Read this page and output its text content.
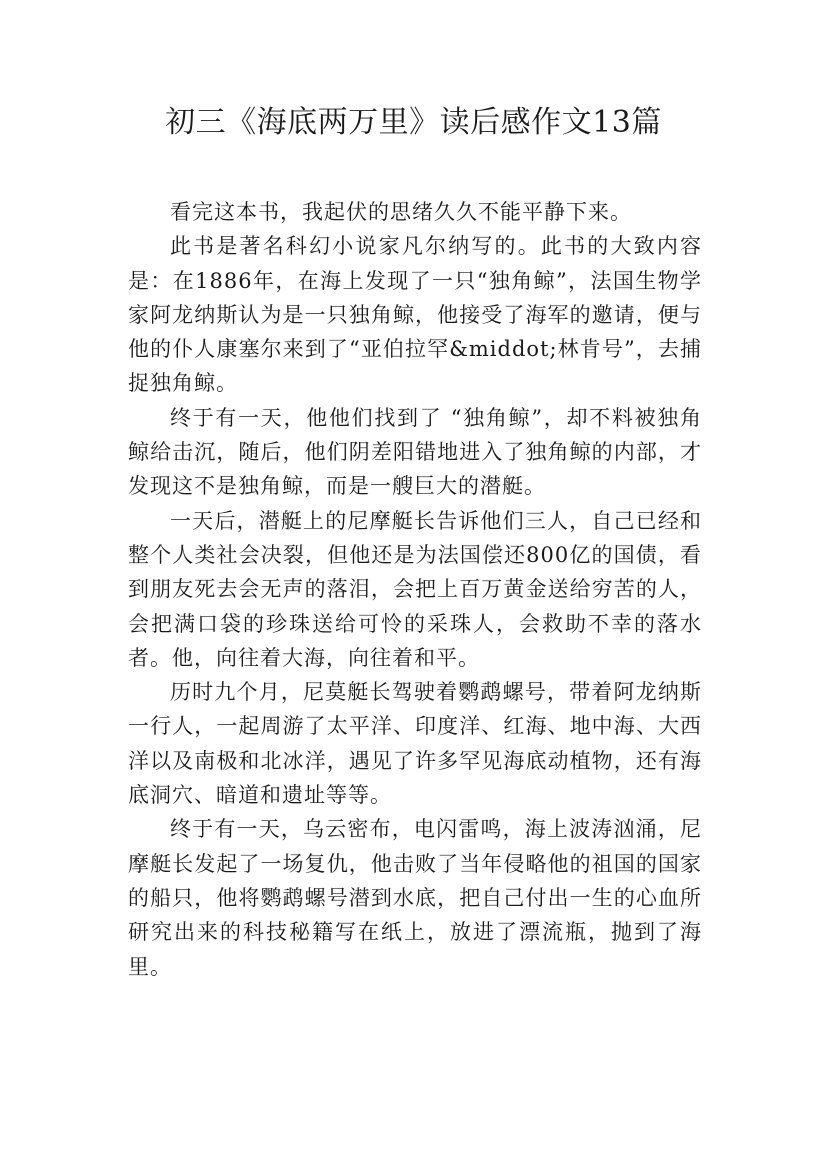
初三《海底两万里》读后感作文13篇

看完这本书，我起伏的思绪久久不能平静下来。

此书是著名科幻小说家凡尔纳写的。此书的大致内容是：在1886年，在海上发现了一只“独角鲸”，法国生物学家阿龙纳斯认为是一只独角鲸，他接受了海军的邀请，便与他的仆人康塞尔来到了“亚伯拉罕&middot;林肯号”，去捕捉独角鲸。

终于有一天，他他们找到了 “独角鲸”，却不料被独角鲸给击沉，随后，他们阴差阳错地进入了独角鲸的内部，才发现这不是独角鲸，而是一艘巨大的潜艇。

一天后，潜艇上的尼摩艇长告诉他们三人，自己已经和整个人类社会决裂，但他还是为法国偿还800亿的国债，看到朋友死去会无声的落泪，会把上百万黄金送给穷苦的人，会把满口袋的珍珠送给可怜的采珠人，会救助不幸的落水者。他，向往着大海，向往着和平。

历时九个月，尼莫艇长驾驶着鹦鹉螺号，带着阿龙纳斯一行人，一起周游了太平洋、印度洋、红海、地中海、大西洋以及南极和北冰洋，遇见了许多罕见海底动植物，还有海底洞穴、暗道和遗址等等。

终于有一天，乌云密布，电闪雷鸣，海上波涛汹涌，尼摩艇长发起了一场复仇，他击败了当年侵略他的祖国的国家的船只，他将鹦鹉螺号潜到水底，把自己付出一生的心血所研究出来的科技秘籍写在纸上，放进了漂流瓶，抛到了海里。
